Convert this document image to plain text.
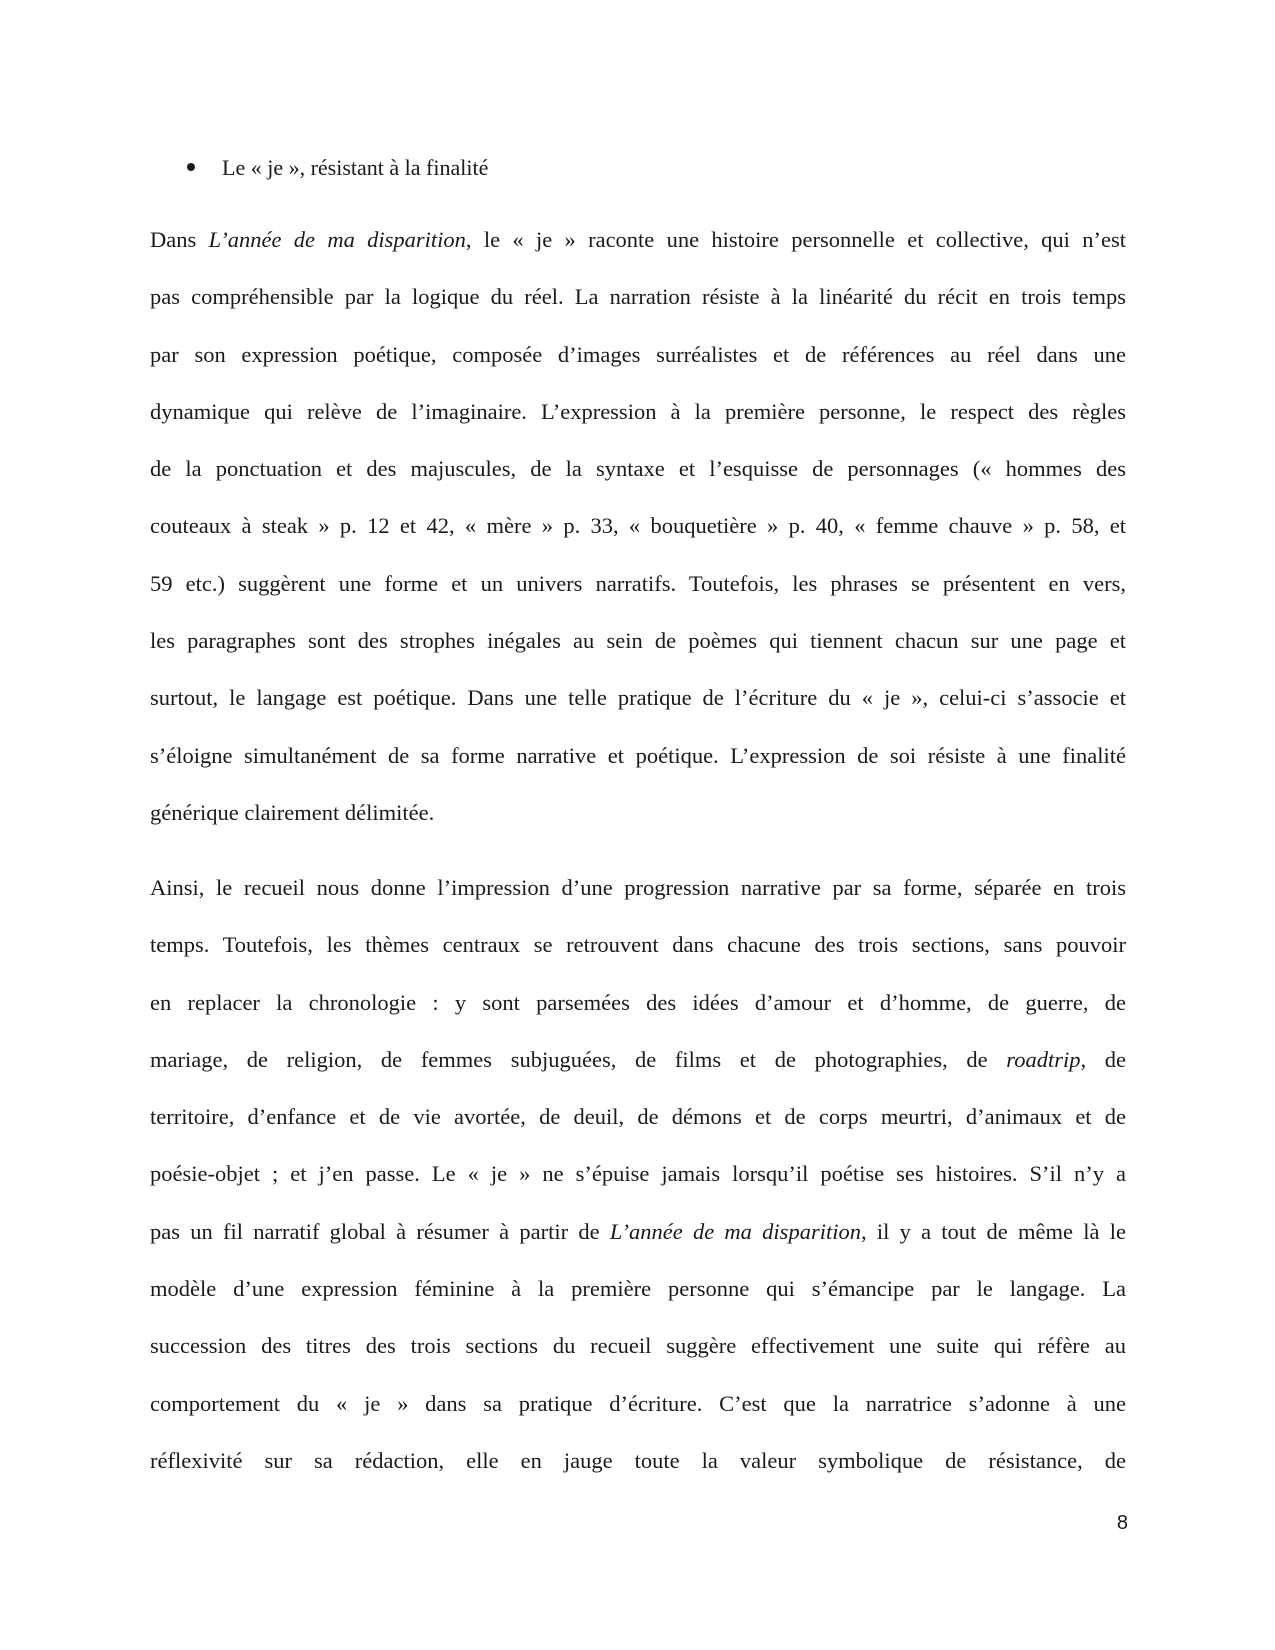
Le « je », résistant à la finalité
Dans L’année de ma disparition, le « je » raconte une histoire personnelle et collective, qui n’est
pas compréhensible par la logique du réel. La narration résiste à la linéarité du récit en trois temps
par son expression poétique, composée d’images surréalistes et de références au réel dans une
dynamique qui relève de l’imaginaire. L’expression à la première personne, le respect des règles
de la ponctuation et des majuscules, de la syntaxe et l’esquisse de personnages (« hommes des
couteaux à steak » p. 12 et 42, « mère » p. 33, « bouquetière » p. 40, « femme chauve » p. 58, et
59 etc.) suggèrent une forme et un univers narratifs. Toutefois, les phrases se présentent en vers,
les paragraphes sont des strophes inégales au sein de poèmes qui tiennent chacun sur une page et
surtout, le langage est poétique. Dans une telle pratique de l’écriture du « je », celui-ci s’associe et
s’éloigne simultanément de sa forme narrative et poétique. L’expression de soi résiste à une finalité
générique clairement délimitée.
Ainsi, le recueil nous donne l’impression d’une progression narrative par sa forme, séparée en trois
temps. Toutefois, les thèmes centraux se retrouvent dans chacune des trois sections, sans pouvoir
en replacer la chronologie : y sont parsemées des idées d’amour et d’homme, de guerre, de
mariage, de religion, de femmes subjuguées, de films et de photographies, de roadtrip, de
territoire, d’enfance et de vie avortée, de deuil, de démons et de corps meurtri, d’animaux et de
poésie-objet ; et j’en passe. Le « je » ne s’épuise jamais lorsqu’il poétise ses histoires. S’il n’y a
pas un fil narratif global à résumer à partir de L’année de ma disparition, il y a tout de même là le
modèle d’une expression féminine à la première personne qui s’émancipe par le langage. La
succession des titres des trois sections du recueil suggère effectivement une suite qui réfère au
comportement du « je » dans sa pratique d’écriture. C’est que la narratrice s’adonne à une
réflexivité sur sa rédaction, elle en jauge toute la valeur symbolique de résistance, de
8
